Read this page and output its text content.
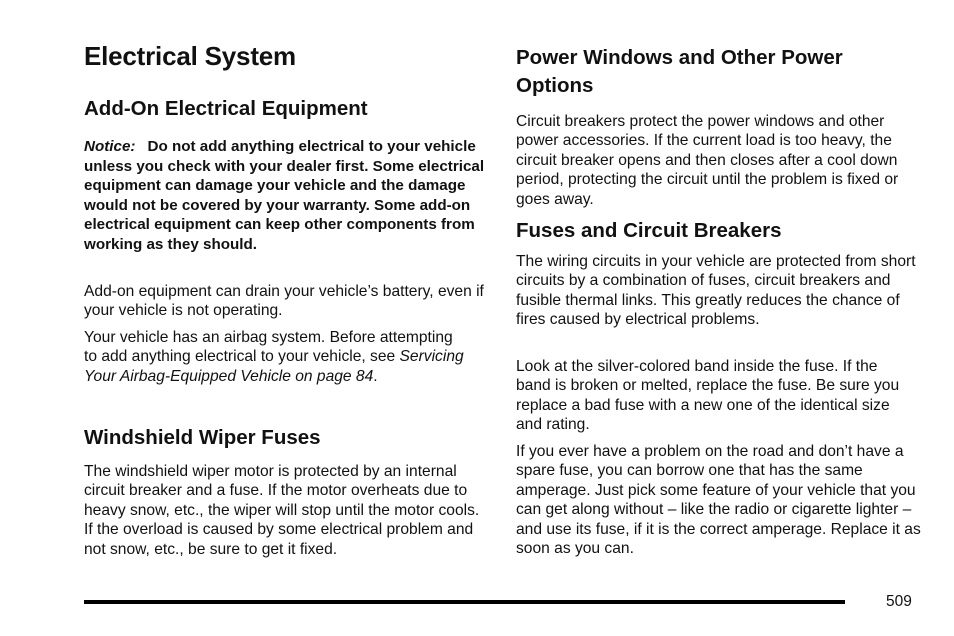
Electrical System
Add-On Electrical Equipment

Notice: Do not add anything electrical to your vehicle unless you check with your dealer first. Some electrical equipment can damage your vehicle and the damage would not be covered by your warranty. Some add-on electrical equipment can keep other components from working as they should.

Add-on equipment can drain your vehicle’s battery, even if your vehicle is not operating.

Your vehicle has an airbag system. Before attempting to add anything electrical to your vehicle, see Servicing Your Airbag-Equipped Vehicle on page 84.

Windshield Wiper Fuses

The windshield wiper motor is protected by an internal circuit breaker and a fuse. If the motor overheats due to heavy snow, etc., the wiper will stop until the motor cools. If the overload is caused by some electrical problem and not snow, etc., be sure to get it fixed.

Power Windows and Other Power Options

Circuit breakers protect the power windows and other power accessories. If the current load is too heavy, the circuit breaker opens and then closes after a cool down period, protecting the circuit until the problem is fixed or goes away.

Fuses and Circuit Breakers

The wiring circuits in your vehicle are protected from short circuits by a combination of fuses, circuit breakers and fusible thermal links. This greatly reduces the chance of fires caused by electrical problems.

Look at the silver-colored band inside the fuse. If the band is broken or melted, replace the fuse. Be sure you replace a bad fuse with a new one of the identical size and rating.

If you ever have a problem on the road and don’t have a spare fuse, you can borrow one that has the same amperage. Just pick some feature of your vehicle that you can get along without – like the radio or cigarette lighter – and use its fuse, if it is the correct amperage. Replace it as soon as you can.

509
